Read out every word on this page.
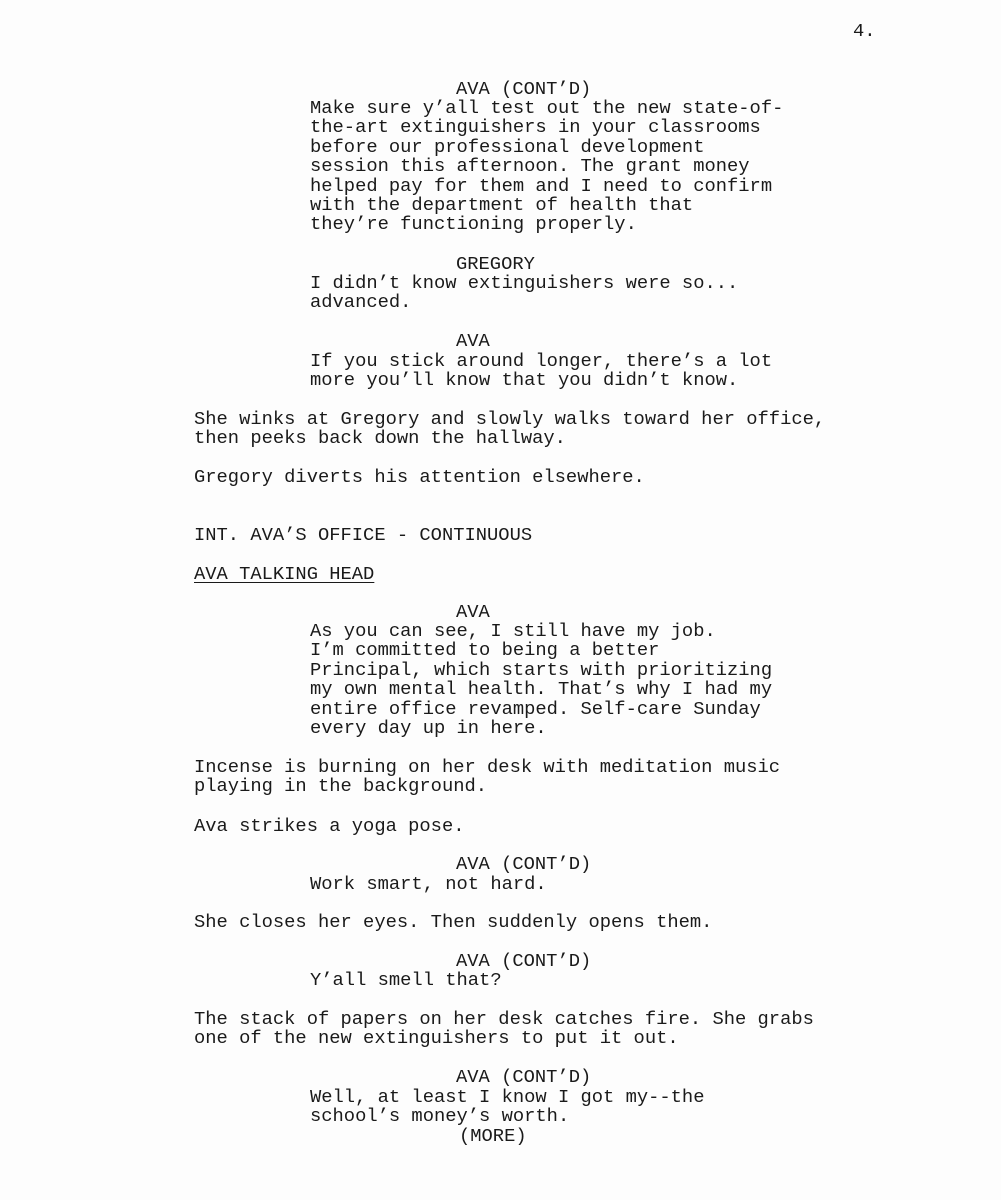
4.
AVA (CONT’D)
Make sure y’all test out the new state-of-
the-art extinguishers in your classrooms
before our professional development
session this afternoon. The grant money
helped pay for them and I need to confirm
with the department of health that
they’re functioning properly.
GREGORY
I didn’t know extinguishers were so...
advanced.
AVA
If you stick around longer, there’s a lot
more you’ll know that you didn’t know.
She winks at Gregory and slowly walks toward her office,
then peeks back down the hallway.
Gregory diverts his attention elsewhere.
INT. AVA’S OFFICE - CONTINUOUS
AVA TALKING HEAD
AVA
As you can see, I still have my job.
I’m committed to being a better
Principal, which starts with prioritizing
my own mental health. That’s why I had my
entire office revamped. Self-care Sunday
every day up in here.
Incense is burning on her desk with meditation music
playing in the background.
Ava strikes a yoga pose.
AVA (CONT’D)
Work smart, not hard.
She closes her eyes. Then suddenly opens them.
AVA (CONT’D)
Y’all smell that?
The stack of papers on her desk catches fire. She grabs
one of the new extinguishers to put it out.
AVA (CONT’D)
Well, at least I know I got my--the
school’s money’s worth.
(MORE)
